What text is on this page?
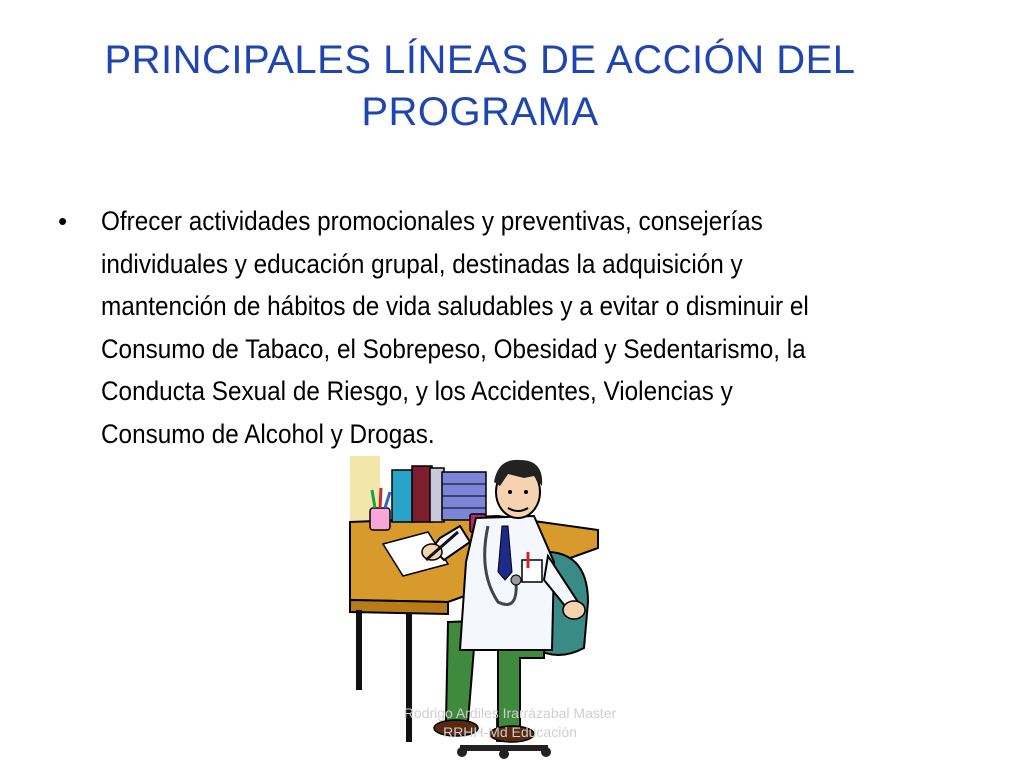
PRINCIPALES LÍNEAS DE ACCIÓN DEL
PROGRAMA
•	Ofrecer actividades promocionales y preventivas, consejerías
individuales y educación grupal, destinadas la adquisición y
mantención de hábitos de vida saludables y a evitar o disminuir el
Consumo de Tabaco, el Sobrepeso, Obesidad y Sedentarismo, la
Conducta Sexual de Riesgo, y los Accidentes, Violencias y
Consumo de Alcohol y Drogas.
Rodrigo Ardiles Irarrázabal Master
RRHH-Md Educación
